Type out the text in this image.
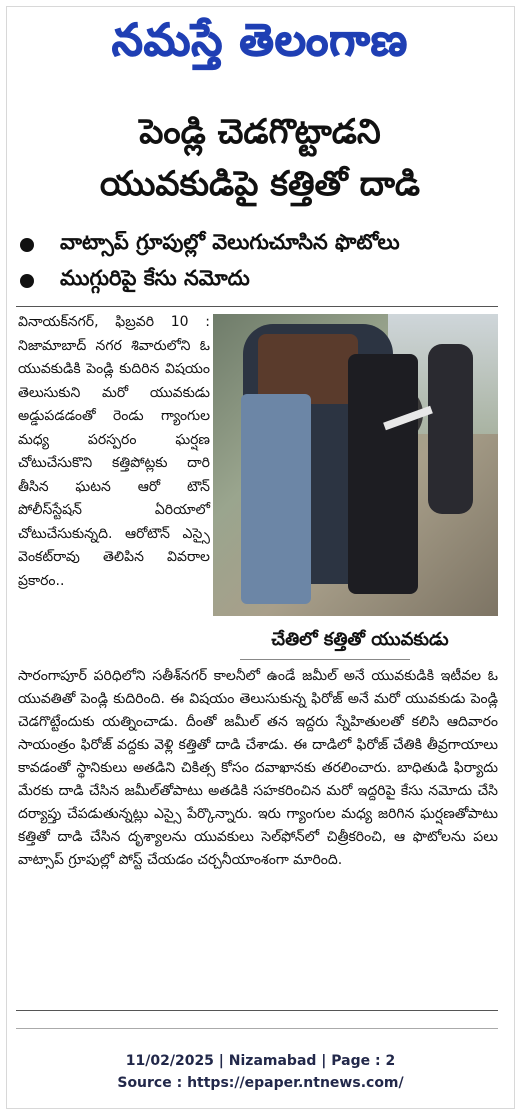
నమస్తే తెలంగాణ
పెండ్లి చెడగొట్టాడని
యువకుడిపై కత్తితో దాడి
వాట్సాప్ గ్రూపుల్లో వెలుగుచూసిన ఫొటోలు
ముగ్గురిపై కేసు నమోదు

వినాయక్‌నగర్, ఫిబ్రవరి 10 : నిజామాబాద్ నగర శివారులోని ఓ యువకుడికి పెండ్లి కుదిరిన విషయం తెలుసుకుని మరో యువకుడు అడ్డుపడడంతో రెండు గ్యాంగుల మధ్య పరస్పరం ఘర్షణ చోటుచేసుకొని కత్తిపోట్లకు దారి తీసిన ఘటన ఆరో టౌన్ పోలీస్‌స్టేషన్ ఏరియాలో చోటుచేసుకున్నది. ఆరోటౌన్ ఎస్సై వెంకట్‌రావు తెలిపిన వివరాల ప్రకారం..

చేతిలో కత్తితో యువకుడు

సారంగాపూర్ పరిధిలోని సతీశ్‌నగర్ కాలనీలో ఉండే జమీల్ అనే యువకుడికి ఇటీవల ఓ యువతితో పెండ్లి కుదిరింది. ఈ విషయం తెలుసుకున్న ఫిరోజ్ అనే మరో యువకుడు పెండ్లి చెడగొట్టేందుకు యత్నించాడు. దీంతో జమీల్ తన ఇద్దరు స్నేహితులతో కలిసి ఆదివారం సాయంత్రం ఫిరోజ్ వద్దకు వెళ్లి కత్తితో దాడి చేశాడు. ఈ దాడిలో ఫిరోజ్ చేతికి తీవ్రగాయాలు కావడంతో స్థానికులు అతడిని చికిత్స కోసం దవాఖానకు తరలించారు. బాధితుడి ఫిర్యాదు మేరకు దాడి చేసిన జమీల్‌తోపాటు అతడికి సహకరించిన మరో ఇద్దరిపై కేసు నమోదు చేసి దర్యాప్తు చేపడుతున్నట్లు ఎస్సై పేర్కొన్నారు. ఇరు గ్యాంగుల మధ్య జరిగిన ఘర్షణతోపాటు కత్తితో దాడి చేసిన దృశ్యాలను యువకులు సెల్‌ఫోన్‌లో చిత్రీకరించి, ఆ ఫొటోలను పలు వాట్సాప్ గ్రూపుల్లో పోస్ట్ చేయడం చర్చనీయాంశంగా మారింది.

11/02/2025 | Nizamabad | Page : 2
Source : https://epaper.ntnews.com/
